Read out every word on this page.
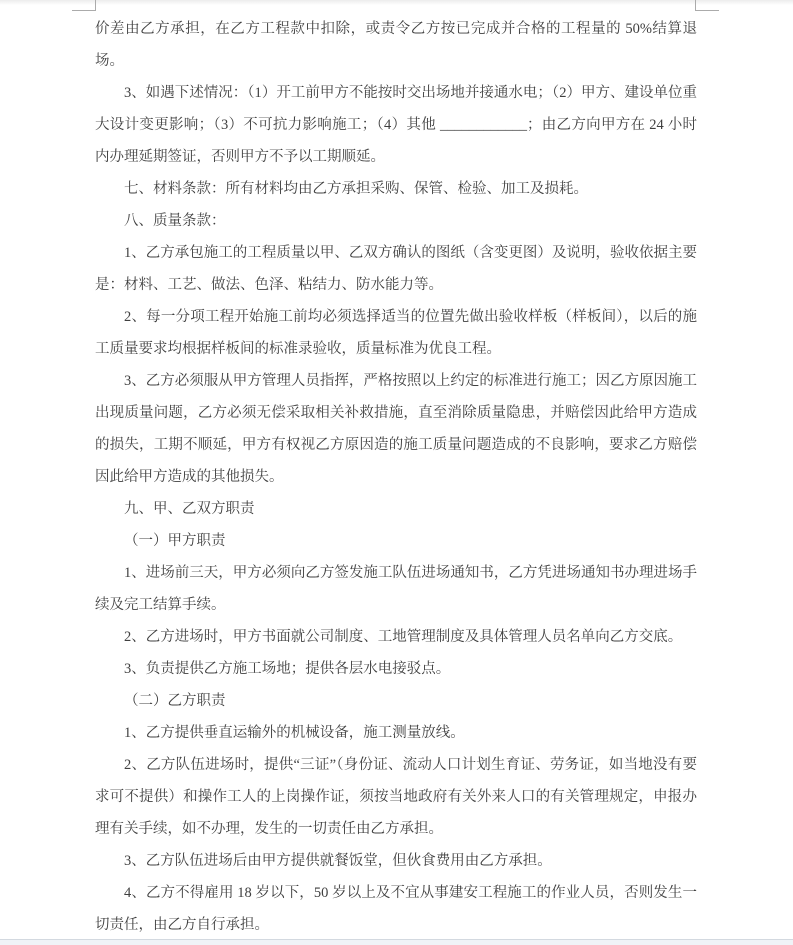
价差由乙方承担，在乙方工程款中扣除，或责令乙方按已完成并合格的工程量的 50%结算退场。

3、如遇下述情况：（1）开工前甲方不能按时交出场地并接通水电；（2）甲方、建设单位重大设计变更影响；（3）不可抗力影响施工；（4）其他 ____________；由乙方向甲方在 24 小时内办理延期签证，否则甲方不予以工期顺延。

七、材料条款：所有材料均由乙方承担采购、保管、检验、加工及损耗。

八、质量条款：

1、乙方承包施工的工程质量以甲、乙双方确认的图纸（含变更图）及说明，验收依据主要是：材料、工艺、做法、色泽、粘结力、防水能力等。

2、每一分项工程开始施工前均必须选择适当的位置先做出验收样板（样板间），以后的施工质量要求均根据样板间的标准录验收，质量标准为优良工程。

3、乙方必须服从甲方管理人员指挥，严格按照以上约定的标准进行施工；因乙方原因施工出现质量问题，乙方必须无偿采取相关补救措施，直至消除质量隐患，并赔偿因此给甲方造成的损失，工期不顺延，甲方有权视乙方原因造的施工质量问题造成的不良影响，要求乙方赔偿因此给甲方造成的其他损失。

九、甲、乙双方职责

（一）甲方职责

1、进场前三天，甲方必须向乙方签发施工队伍进场通知书，乙方凭进场通知书办理进场手续及完工结算手续。

2、乙方进场时，甲方书面就公司制度、工地管理制度及具体管理人员名单向乙方交底。

3、负责提供乙方施工场地；提供各层水电接驳点。

（二）乙方职责

1、乙方提供垂直运输外的机械设备，施工测量放线。

2、乙方队伍进场时，提供“三证”（身份证、流动人口计划生育证、劳务证，如当地没有要求可不提供）和操作工人的上岗操作证，须按当地政府有关外来人口的有关管理规定，申报办理有关手续，如不办理，发生的一切责任由乙方承担。

3、乙方队伍进场后由甲方提供就餐饭堂，但伙食费用由乙方承担。

4、乙方不得雇用 18 岁以下，50 岁以上及不宜从事建安工程施工的作业人员，否则发生一切责任，由乙方自行承担。
